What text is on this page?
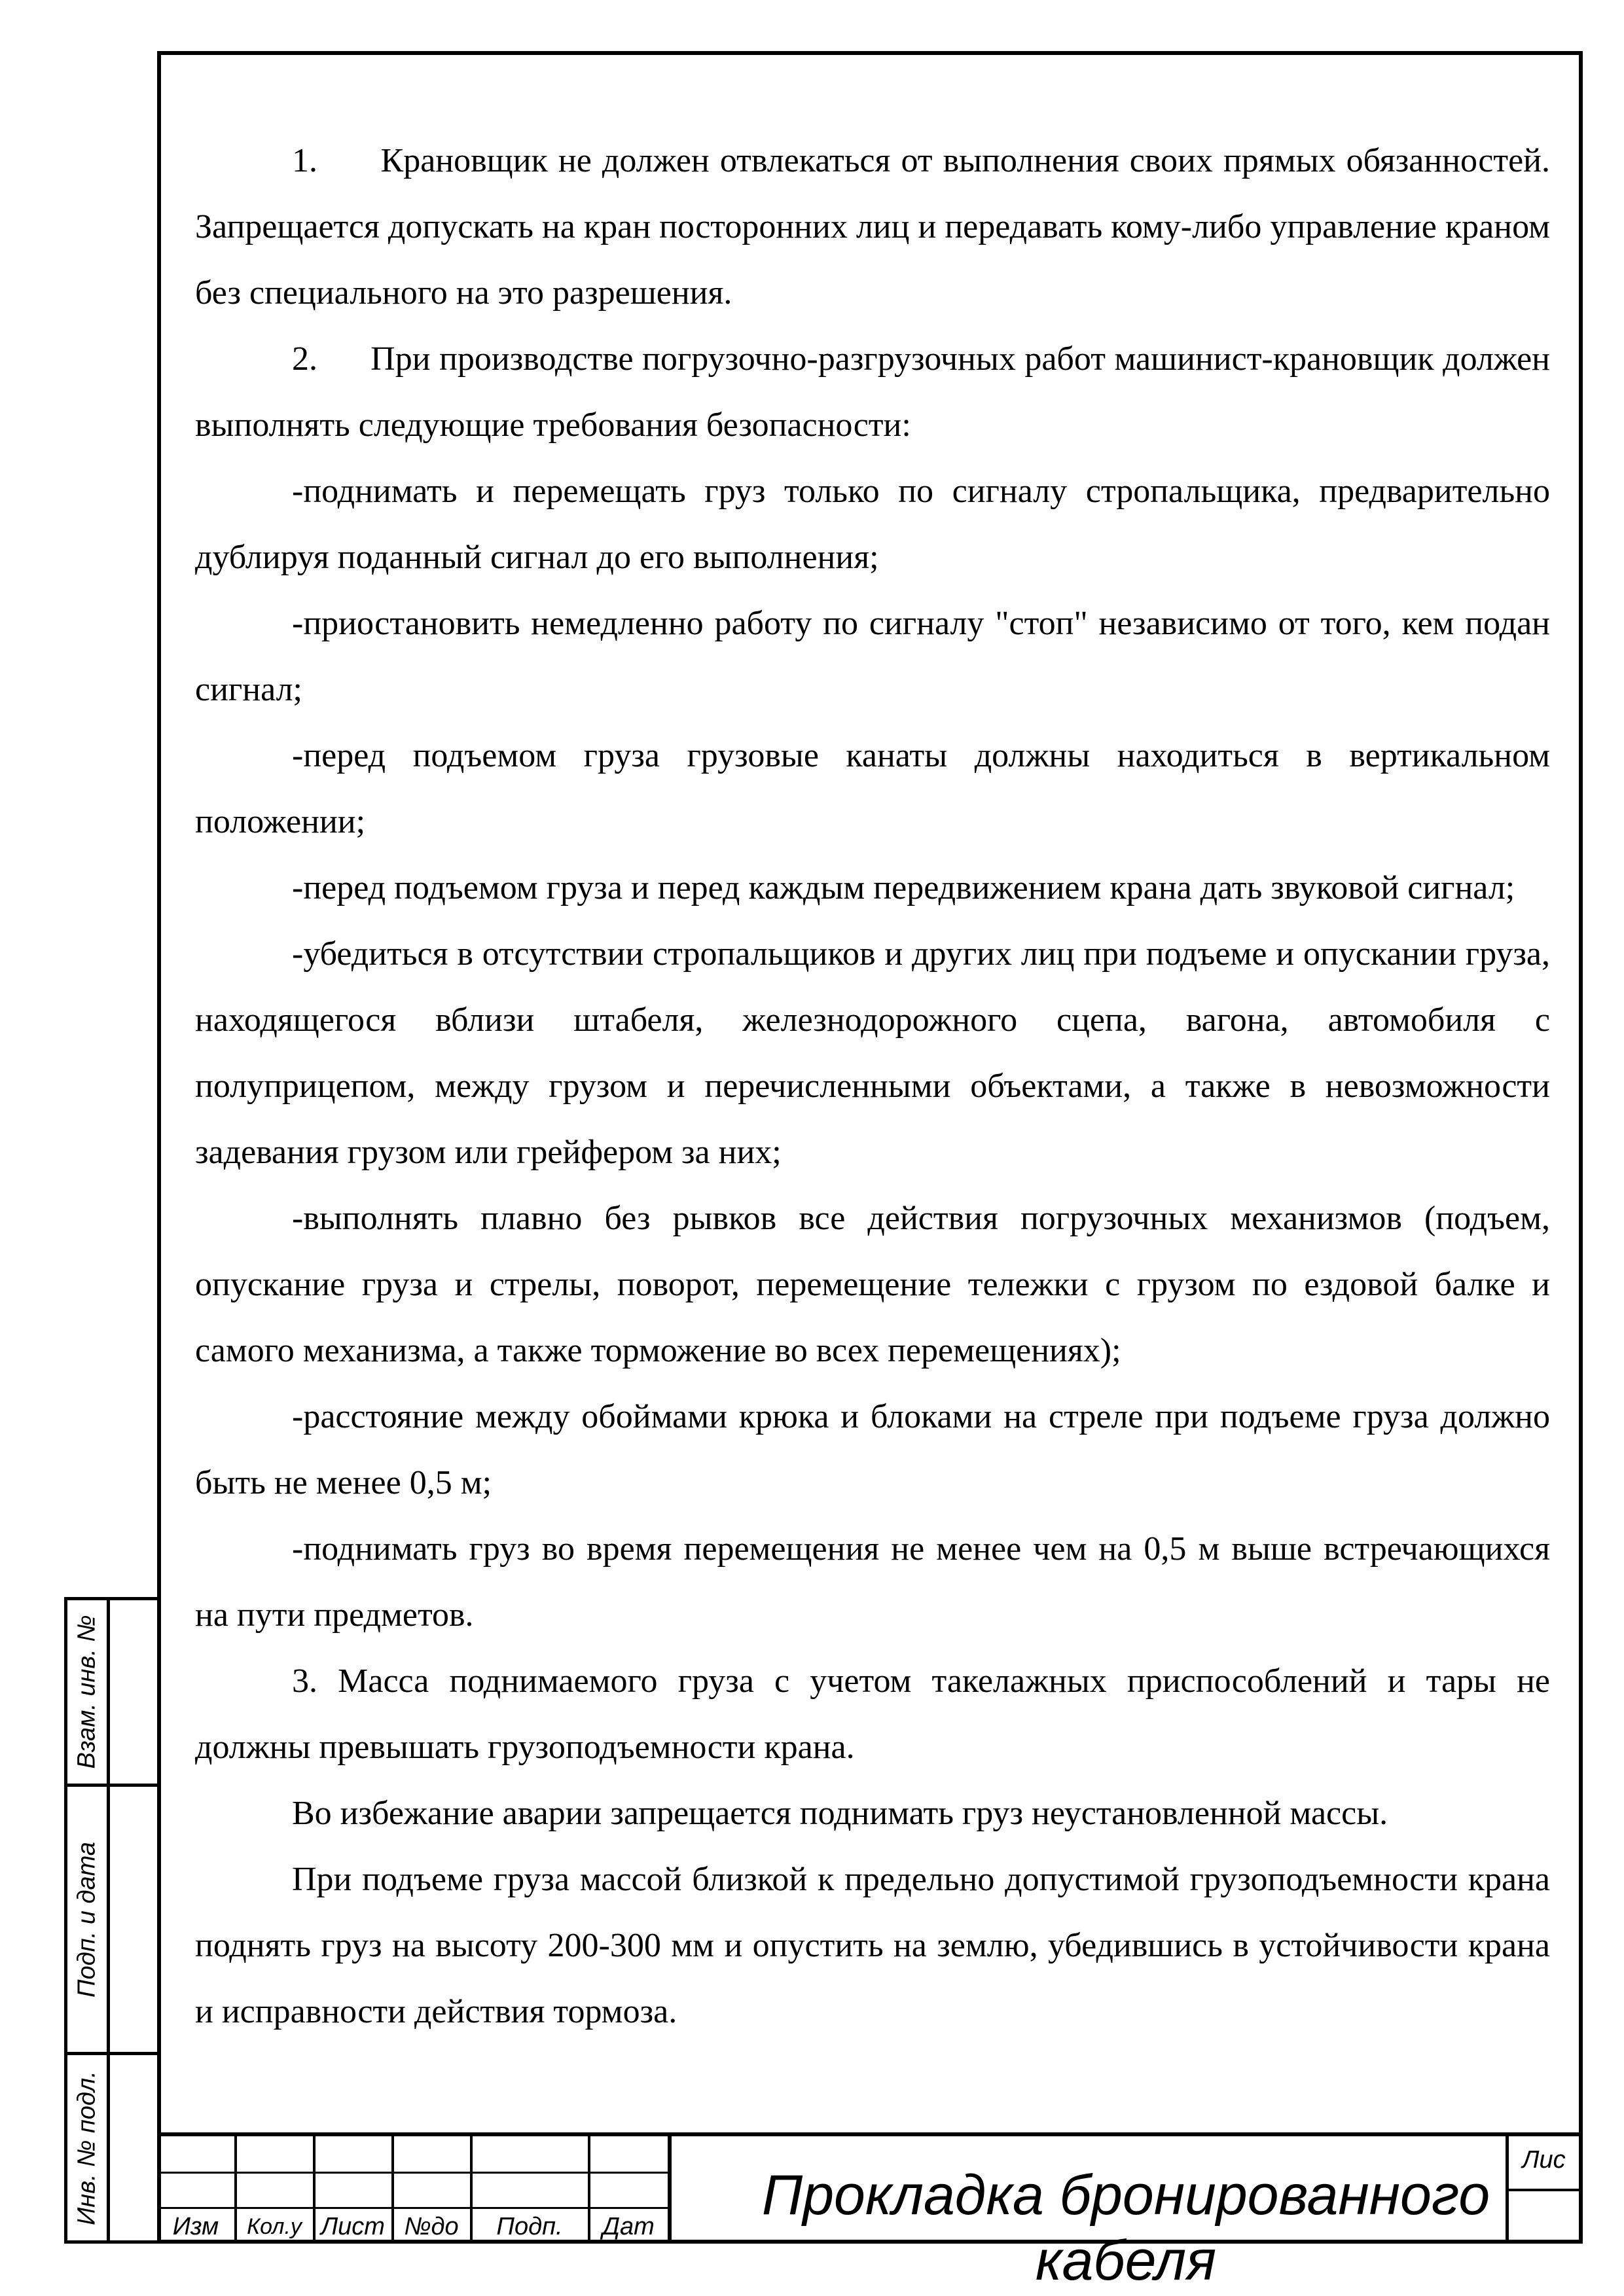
1.      Крановщик не должен отвлекаться от выполнения своих прямых обязанностей. Запрещается допускать на кран посторонних лиц и передавать кому-либо управление краном без специального на это разрешения.

2.      При производстве погрузочно-разгрузочных работ машинист-крановщик должен выполнять следующие требования безопасности:

-поднимать и перемещать груз только по сигналу стропальщика, предварительно дублируя поданный сигнал до его выполнения;

-приостановить немедленно работу по сигналу "стоп" независимо от того, кем подан сигнал;

-перед подъемом груза грузовые канаты должны находиться в вертикальном положении;

-перед подъемом груза и перед каждым передвижением крана дать звуковой сигнал;

-убедиться в отсутствии стропальщиков и других лиц при подъеме и опускании груза, находящегося вблизи штабеля, железнодорожного сцепа, вагона, автомобиля с полуприцепом, между грузом и перечисленными объектами, а также в невозможности задевания грузом или грейфером за них;

-выполнять плавно без рывков все действия погрузочных механизмов (подъем, опускание груза и стрелы, поворот, перемещение тележки с грузом по ездовой балке и самого механизма, а также торможение во всех перемещениях);

-расстояние между обоймами крюка и блоками на стреле при подъеме груза должно быть не менее 0,5 м;

-поднимать груз во время перемещения не менее чем на 0,5 м выше встречающихся на пути предметов.

3. Масса поднимаемого груза с учетом такелажных приспособлений и тары не должны превышать грузоподъемности крана.

Во избежание аварии запрещается поднимать груз неустановленной массы.

При подъеме груза массой близкой к предельно допустимой грузоподъемности крана поднять груз на высоту 200-300 мм и опустить на землю, убедившись в устойчивости крана и исправности действия тормоза.

Взам. инв. №
Подп. и дата
Инв. № подл.
Изм	Кол.у Лист №до	Подп.	Дат	Прокладка бронированного кабеля
Лис
